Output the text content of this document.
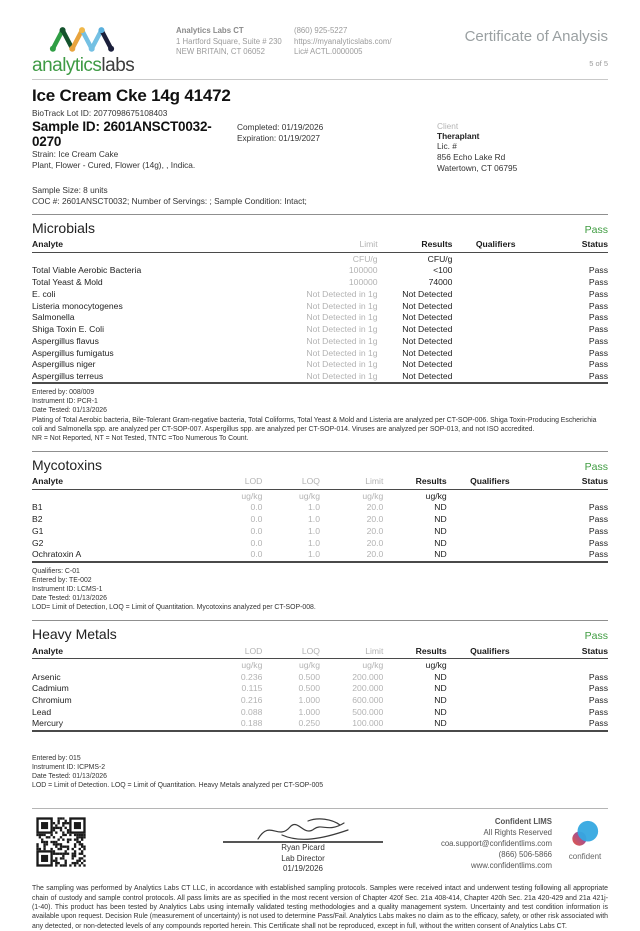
analyticslabs
Analytics Labs CT
1 Hartford Square, Suite # 230
NEW BRITAIN, CT 06052
(860) 925-5227
https://myanalyticslabs.com/
Lic# ACTL.0000005
Certificate of Analysis
5 of 5
Ice Cream Cke 14g 41472
BioTrack Lot ID: 2077098675108403
Sample ID: 2601ANSCT0032-0270
Strain: Ice Cream Cake
Plant, Flower - Cured, Flower (14g), , Indica.
Completed: 01/19/2026
Expiration: 01/19/2027
Client
Theraplant
Lic. #
856 Echo Lake Rd
Watertown, CT 06795
Sample Size: 8 units
COC #: 2601ANSCT0032; Number of Servings: ; Sample Condition: Intact;
Microbials	Pass
Analyte	Limit	Results	Qualifiers	Status
	CFU/g	CFU/g		
Total Viable Aerobic Bacteria	100000	<100		Pass
Total Yeast & Mold	100000	74000		Pass
E. coli	Not Detected in 1g	Not Detected		Pass
Listeria monocytogenes	Not Detected in 1g	Not Detected		Pass
Salmonella	Not Detected in 1g	Not Detected		Pass
Shiga Toxin E. Coli	Not Detected in 1g	Not Detected		Pass
Aspergillus flavus	Not Detected in 1g	Not Detected		Pass
Aspergillus fumigatus	Not Detected in 1g	Not Detected		Pass
Aspergillus niger	Not Detected in 1g	Not Detected		Pass
Aspergillus terreus	Not Detected in 1g	Not Detected		Pass
Entered by: 008/009
Instrument ID: PCR-1
Date Tested: 01/13/2026
Plating of Total Aerobic bacteria, Bile-Tolerant Gram-negative bacteria, Total Coliforms, Total Yeast & Mold and Listeria are analyzed per CT-SOP-006. Shiga Toxin-Producing Escherichia coli and Salmonella spp. are analyzed per CT-SOP-007. Aspergillus spp. are analyzed per CT-SOP-014. Viruses are analyzed per SOP-013, and not ISO accredited.
NR = Not Reported, NT = Not Tested, TNTC =Too Numerous To Count.
Mycotoxins	Pass
Analyte	LOD	LOQ	Limit	Results	Qualifiers	Status
	ug/kg	ug/kg	ug/kg	ug/kg		
B1	0.0	1.0	20.0	ND		Pass
B2	0.0	1.0	20.0	ND		Pass
G1	0.0	1.0	20.0	ND		Pass
G2	0.0	1.0	20.0	ND		Pass
Ochratoxin A	0.0	1.0	20.0	ND		Pass
Qualifiers: C-01
Entered by: TE-002
Instrument ID: LCMS-1
Date Tested: 01/13/2026
LOD= Limit of Detection, LOQ = Limit of Quantitation. Mycotoxins analyzed per CT-SOP-008.
Heavy Metals	Pass
Analyte	LOD	LOQ	Limit	Results	Qualifiers	Status
	ug/kg	ug/kg	ug/kg	ug/kg		
Arsenic	0.236	0.500	200.000	ND		Pass
Cadmium	0.115	0.500	200.000	ND		Pass
Chromium	0.216	1.000	600.000	ND		Pass
Lead	0.088	1.000	500.000	ND		Pass
Mercury	0.188	0.250	100.000	ND		Pass
Entered by: 015
Instrument ID: ICPMS-2
Date Tested: 01/13/2026
LOD = Limit of Detection. LOQ = Limit of Quantitation. Heavy Metals analyzed per CT-SOP-005
Ryan Picard
Lab Director
01/19/2026
Confident LIMS
All Rights Reserved
coa.support@confidentlims.com
(866) 506-5866
www.confidentlims.com
confident
The sampling was performed by Analytics Labs CT LLC, in accordance with established sampling protocols. Samples were received intact and underwent testing following all appropriate chain of custody and sample control protocols. All pass limits are as specified in the most recent version of Chapter 420f Sec. 21a 408-414, Chapter 420h Sec. 21a 420-429 and 21a 421j-(1-40). This product has been tested by Analytics Labs using internally validated testing methodologies and a quality management system. Uncertainty and test condition information is available upon request. Decision Rule (measurement of uncertainty) is not used to determine Pass/Fail. Analytics Labs makes no claim as to the efficacy, safety, or other risk associated with any detected, or non-detected levels of any compounds reported herein. This Certificate shall not be reproduced, except in full, without the written consent of Analytics Labs CT.
